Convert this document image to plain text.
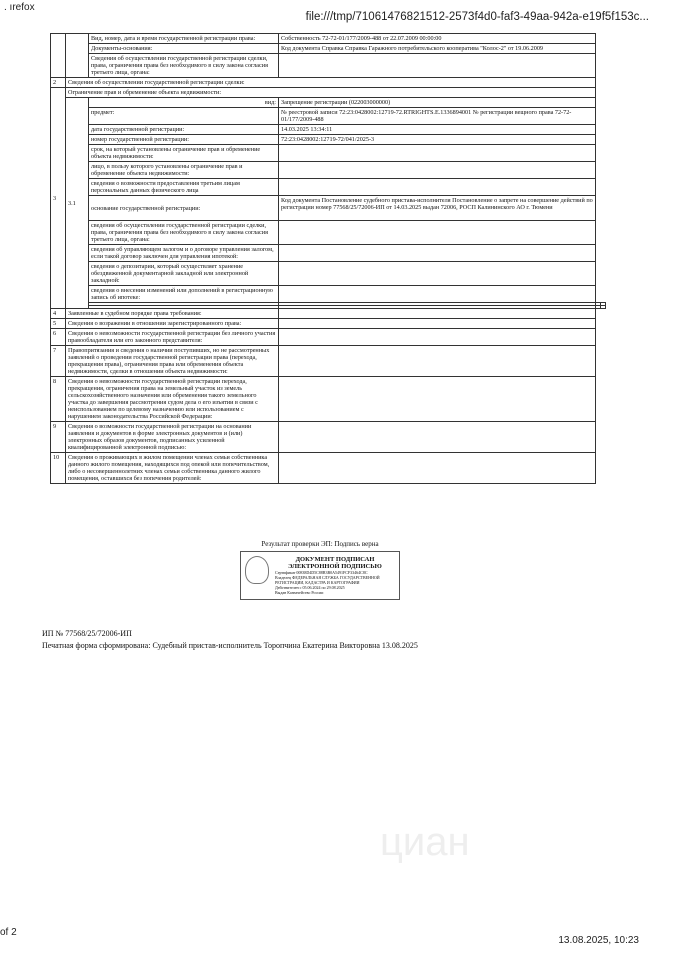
. ırefox
file:///tmp/71061476821512-2573f4d0-faf3-49aa-942a-e19f5f153c...
		Вид, номер, дата и время государственной регистрации права:	Собственность 72-72-01/177/2009-488 от 22.07.2009 00:00:00		
		Документы-основания:	Код документа Справка Справка Гаражного потребительского кооператива "Колос-2" от 19.06.2009		
		Сведения об осуществлении государственной регистрации сделки, права, ограничения права без необходимого в силу закона согласия третьего лица, органа:			
2	Сведения об осуществлении государственной регистрации сделки:				
3	Ограничение прав и обременение объекта недвижимости:				
	3.1	вид:	Запрещение регистрации (022003000000)		
		предмет:	№ реестровой записи 72:23:0428002:12719-72.RTRIGHTS.E.1336894001 № регистрации вещного права 72-72-01/177/2009-488		
		дата государственной регистрации:	14.03.2025 13:34:11		
		номер государственной регистрации:	72:23:0428002:12719-72/041/2025-3		
		срок, на который установлены ограничение прав и обременение объекта недвижимости:			
		лицо, в пользу которого установлены ограничение прав и обременение объекта недвижимости:			
		сведения о возможности предоставления третьим лицам персональных данных физического лица			
		основание государственной регистрации:	Код документа Постановление судебного пристава-исполнителя Постановление о запрете на совершение действий по регистрации номер 77568/25/72006-ИП от 14.03.2025 выдан 72006, РОСП Калининского АО г. Тюмени		
		сведения об осуществлении государственной регистрации сделки, права, ограничения права без необходимого в силу закона согласия третьего лица, органа:			
		сведения об управляющем залогом и о договоре управления залогом, если такой договор заключен для управления ипотекой:			
		сведения о депозитарии, который осуществляет хранение обездвиженной документарной закладной или электронной закладной:			
		сведения о внесении изменений или дополнений в регистрационную запись об ипотеке:			

4	Заявленные в судебном порядке права требования:				
5	Сведения о возражении в отношении зарегистрированного права:				
6	Сведения о невозможности государственной регистрации без личного участия правообладателя или его законного представителя:				
7	Правопритязания и сведения о наличии поступивших, но не рассмотренных заявлений о проведении государственной регистрации права (перехода, прекращения права), ограничения права или обременения объекта недвижимости, сделки в отношении объекта недвижимости:				
8	Сведения о невозможности государственной регистрации перехода, прекращения, ограничения права на земельный участок из земель сельскохозяйственного назначения или обременения такого земельного участка до завершения рассмотрения судом дела о его изъятии в связи с неиспользованием по целевому назначению или использованием с нарушением законодательства Российской Федерации:				
9	Сведения о возможности государственной регистрации на основании заявления и документов в форме электронных документов и (или) электронных образов документов, подписанных усиленной квалифицированной электронной подписью:				
10	Сведения о проживающих в жилом помещении членах семьи собственника данного жилого помещения, находящихся под опекой или попечительством, либо о несовершеннолетних членах семьи собственника данного жилого помещения, оставшихся без попечения родителей:				
Результат проверки ЭП: Подпись верна
ДОКУМЕНТ ПОДПИСАН
ЭЛЕКТРОННОЙ ПОДПИСЬЮ
Сертификат 00838D4D5C88B3B0A5491FCF33464C8C
Владелец ФЕДЕРАЛЬНАЯ СЛУЖБА ГОСУДАРСТВЕННОЙ РЕГИСТРАЦИИ, КАДАСТРА И КАРТОГРАФИИ
Действителен с 05.06.2024 по 29.08.2025
Выдан Казначейство России
ИП № 77568/25/72006-ИП
Печатная форма сформирована: Судебный пристав-исполнитель Торопчина Екатерина Викторовна 13.08.2025
циан
of 2
13.08.2025, 10:23
